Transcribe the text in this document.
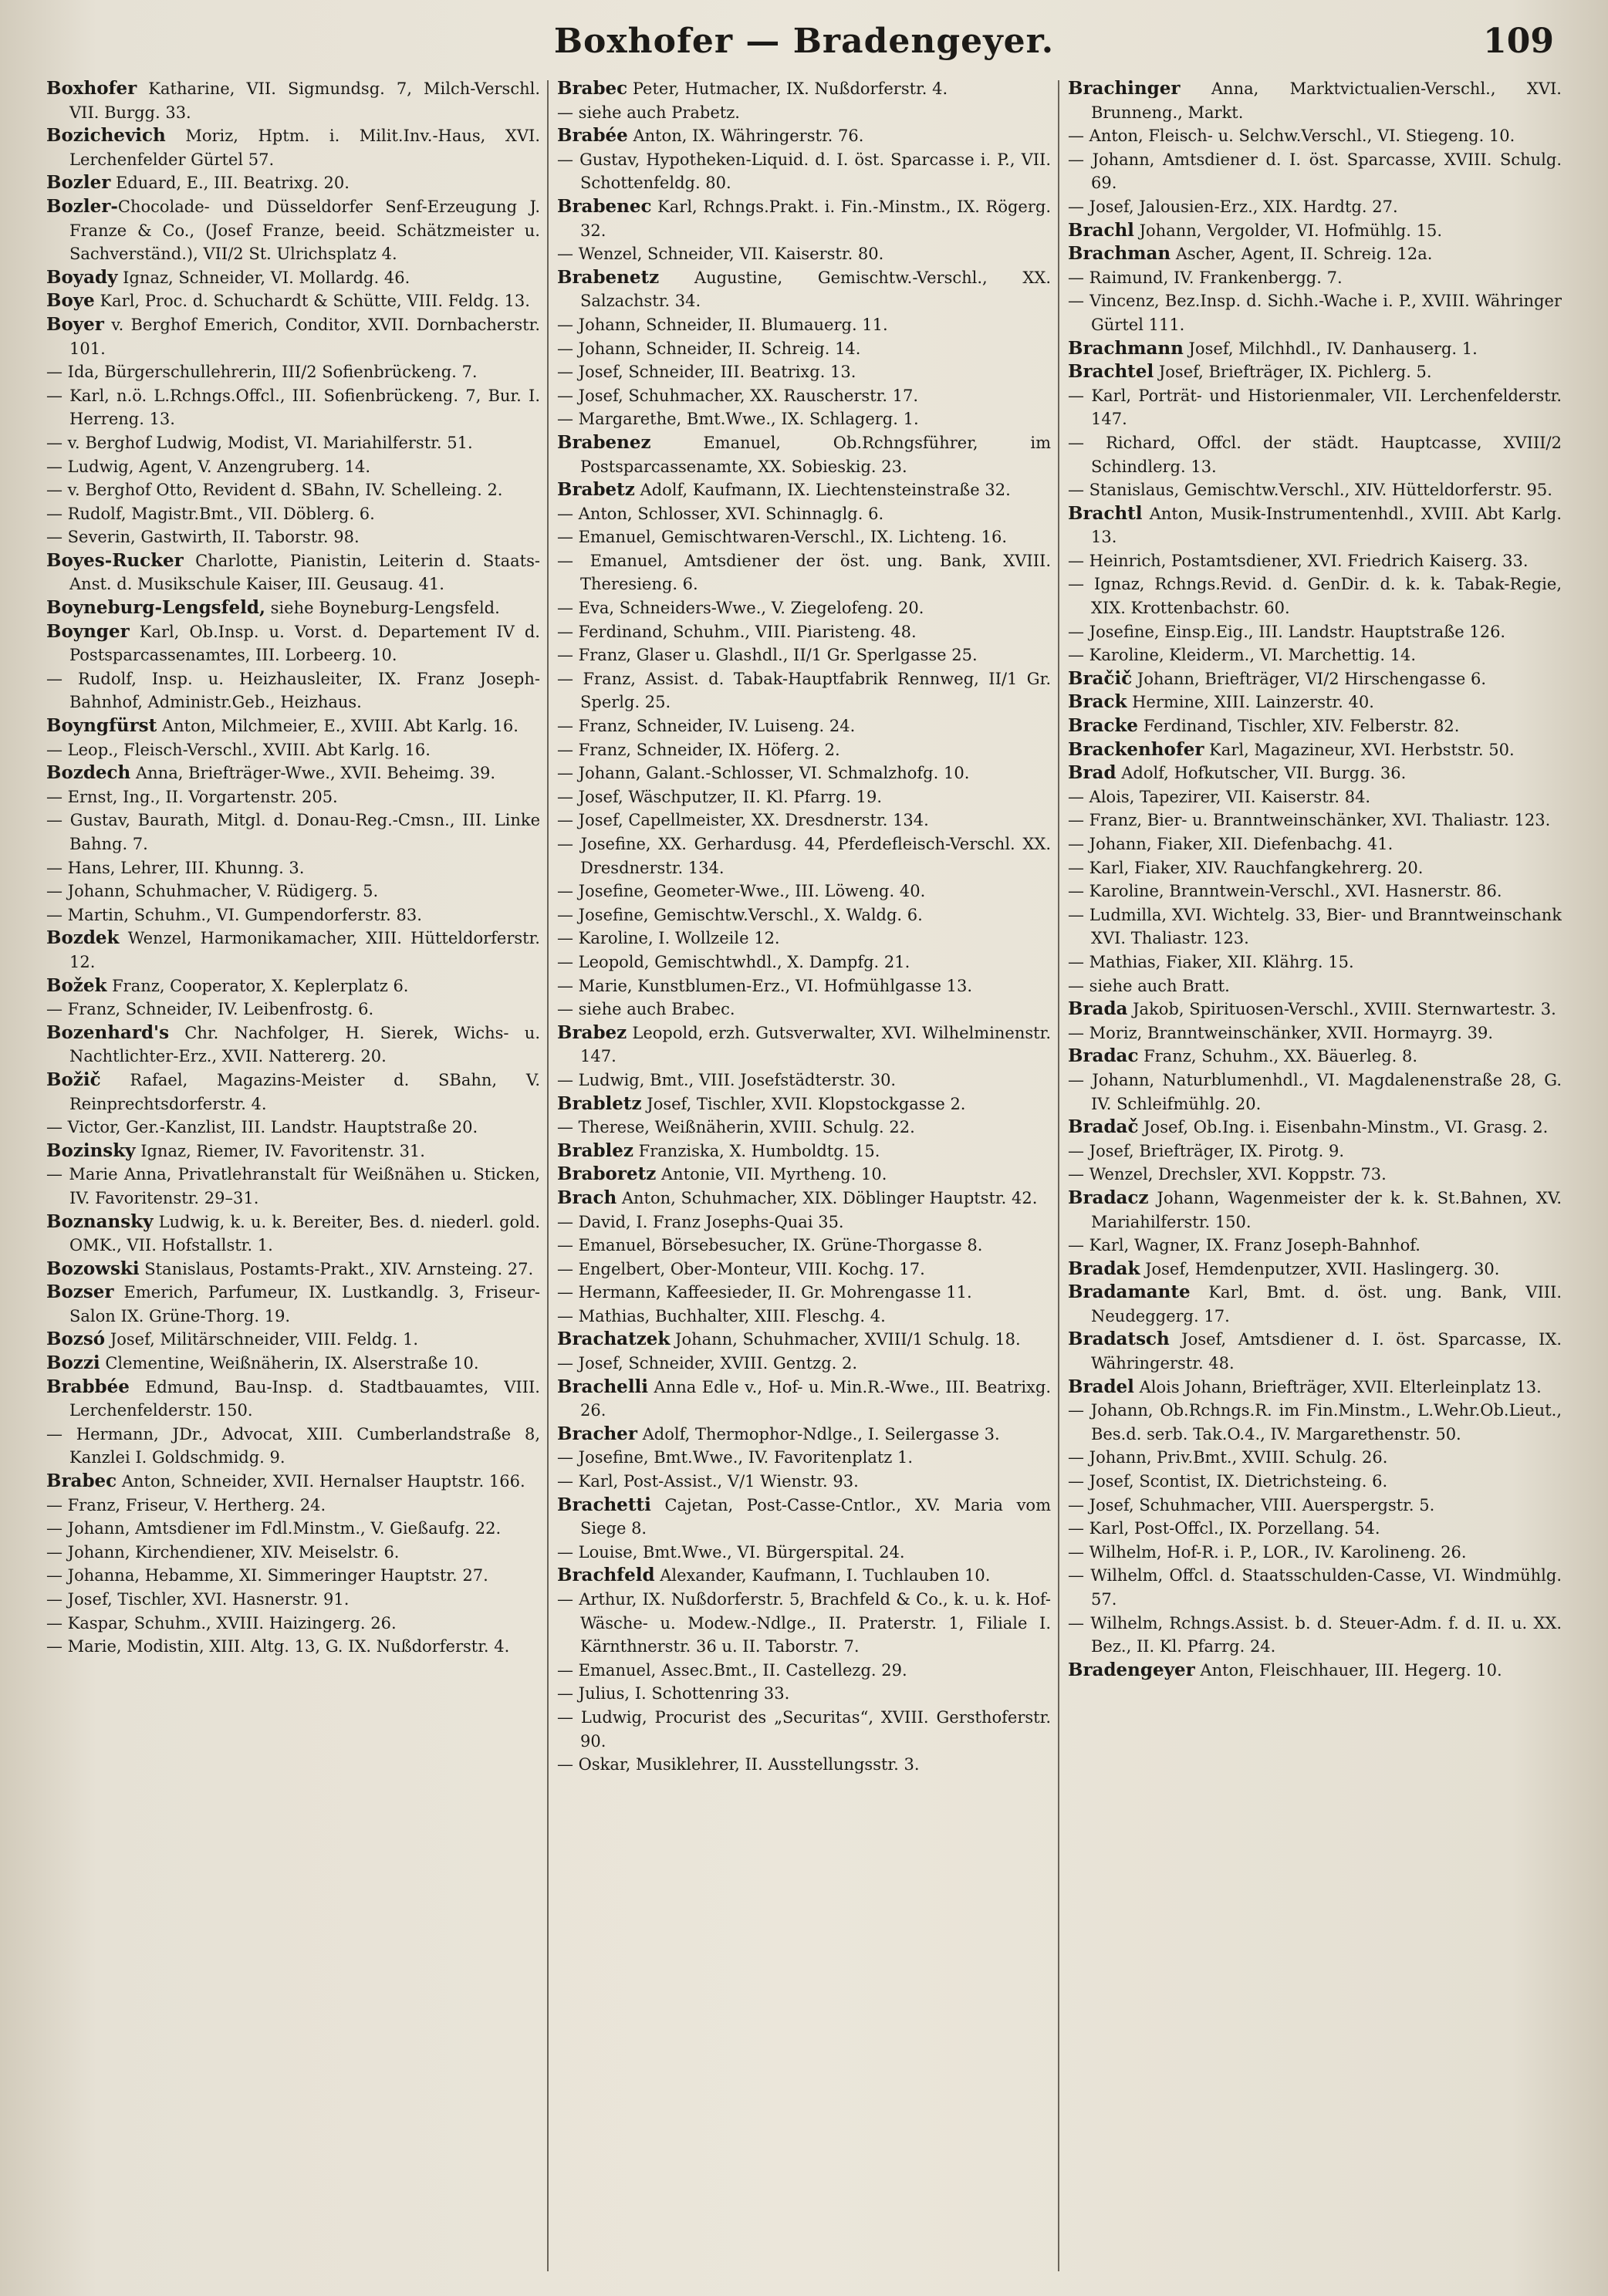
Boxhofer — Bradengeyer.	109

Boxhofer Katharine, VII. Sigmundsg. 7, Milch-Verschl. VII. Burgg. 33.

Bozichevich Moriz, Hptm. i. Milit.Inv.-Haus, XVI. Lerchenfelder Gürtel 57.

Bozler Eduard, E., III. Beatrixg. 20.

Bozler-Chocolade- und Düsseldorfer Senf-Erzeugung J. Franze & Co., (Josef Franze, beeid. Schätzmeister u. Sachverständ.), VII/2 St. Ulrichsplatz 4.

Boyady Ignaz, Schneider, VI. Mollardg. 46.

Boye Karl, Proc. d. Schuchardt & Schütte, VIII. Feldg. 13.

Boyer v. Berghof Emerich, Conditor, XVII. Dornbacherstr. 101.

— Ida, Bürgerschullehrerin, III/2 Sofienbrückeng. 7.

— Karl, n.ö. L.Rchngs.Offcl., III. Sofienbrückeng. 7, Bur. I. Herreng. 13.

— v. Berghof Ludwig, Modist, VI. Mariahilferstr. 51.

— Ludwig, Agent, V. Anzengruberg. 14.

— v. Berghof Otto, Revident d. SBahn, IV. Schelleing. 2.

— Rudolf, Magistr.Bmt., VII. Döblerg. 6.

— Severin, Gastwirth, II. Taborstr. 98.

Boyes-Rucker Charlotte, Pianistin, Leiterin d. Staats-Anst. d. Musikschule Kaiser, III. Geusaug. 41.

Boyneburg-Lengsfeld, siehe Boyneburg-Lengsfeld.

Boynger Karl, Ob.Insp. u. Vorst. d. Departement IV d. Postsparcassenamtes, III. Lorbeerg. 10.

— Rudolf, Insp. u. Heizhausleiter, IX. Franz Joseph-Bahnhof, Administr.Geb., Heizhaus.

Boyngfürst Anton, Milchmeier, E., XVIII. Abt Karlg. 16.

— Leop., Fleisch-Verschl., XVIII. Abt Karlg. 16.

Bozdech Anna, Briefträger-Wwe., XVII. Beheimg. 39.

— Ernst, Ing., II. Vorgartenstr. 205.

— Gustav, Baurath, Mitgl. d. Donau-Reg.-Cmsn., III. Linke Bahng. 7.

— Hans, Lehrer, III. Khunng. 3.

— Johann, Schuhmacher, V. Rüdigerg. 5.

— Martin, Schuhm., VI. Gumpendorferstr. 83.

Bozdek Wenzel, Harmonikamacher, XIII. Hütteldorferstr. 12.

Božek Franz, Cooperator, X. Keplerplatz 6.

— Franz, Schneider, IV. Leibenfrostg. 6.

Bozenhard's Chr. Nachfolger, H. Sierek, Wichs- u. Nachtlichter-Erz., XVII. Nattererg. 20.

Božič Rafael, Magazins-Meister d. SBahn, V. Reinprechtsdorferstr. 4.

— Victor, Ger.-Kanzlist, III. Landstr. Hauptstraße 20.

Bozinsky Ignaz, Riemer, IV. Favoritenstr. 31.

— Marie Anna, Privatlehranstalt für Weißnähen u. Sticken, IV. Favoritenstr. 29–31.

Boznansky Ludwig, k. u. k. Bereiter, Bes. d. niederl. gold. OMK., VII. Hofstallstr. 1.

Bozowski Stanislaus, Postamts-Prakt., XIV. Arnsteing. 27.

Bozser Emerich, Parfumeur, IX. Lustkandlg. 3, Friseur-Salon IX. Grüne-Thorg. 19.

Bozsó Josef, Militärschneider, VIII. Feldg. 1.

Bozzi Clementine, Weißnäherin, IX. Alserstraße 10.

Brabbée Edmund, Bau-Insp. d. Stadtbauamtes, VIII. Lerchenfelderstr. 150.

— Hermann, JDr., Advocat, XIII. Cumberlandstraße 8, Kanzlei I. Goldschmidg. 9.

Brabec Anton, Schneider, XVII. Hernalser Hauptstr. 166.

— Franz, Friseur, V. Hertherg. 24.

— Johann, Amtsdiener im Fdl.Minstm., V. Gießaufg. 22.

— Johann, Kirchendiener, XIV. Meiselstr. 6.

— Johanna, Hebamme, XI. Simmeringer Hauptstr. 27.

— Josef, Tischler, XVI. Hasnerstr. 91.

— Kaspar, Schuhm., XVIII. Haizingerg. 26.

— Marie, Modistin, XIII. Altg. 13, G. IX. Nußdorferstr. 4.

Brabec Peter, Hutmacher, IX. Nußdorferstr. 4.

— siehe auch Prabetz.

Brabée Anton, IX. Währingerstr. 76.

— Gustav, Hypotheken-Liquid. d. I. öst. Sparcasse i. P., VII. Schottenfeldg. 80.

Brabenec Karl, Rchngs.Prakt. i. Fin.-Minstm., IX. Rögerg. 32.

— Wenzel, Schneider, VII. Kaiserstr. 80.

Brabenetz Augustine, Gemischtw.-Verschl., XX. Salzachstr. 34.

— Johann, Schneider, II. Blumauerg. 11.

— Johann, Schneider, II. Schreig. 14.

— Josef, Schneider, III. Beatrixg. 13.

— Josef, Schuhmacher, XX. Rauscherstr. 17.

— Margarethe, Bmt.Wwe., IX. Schlagerg. 1.

Brabenez Emanuel, Ob.Rchngsführer, im Postsparcassenamte, XX. Sobieskig. 23.

Brabetz Adolf, Kaufmann, IX. Liechtensteinstraße 32.

— Anton, Schlosser, XVI. Schinnaglg. 6.

— Emanuel, Gemischtwaren-Verschl., IX. Lichteng. 16.

— Emanuel, Amtsdiener der öst. ung. Bank, XVIII. Theresieng. 6.

— Eva, Schneiders-Wwe., V. Ziegelofeng. 20.

— Ferdinand, Schuhm., VIII. Piaristeng. 48.

— Franz, Glaser u. Glashdl., II/1 Gr. Sperlgasse 25.

— Franz, Assist. d. Tabak-Hauptfabrik Rennweg, II/1 Gr. Sperlg. 25.

— Franz, Schneider, IV. Luiseng. 24.

— Franz, Schneider, IX. Höferg. 2.

— Johann, Galant.-Schlosser, VI. Schmalzhofg. 10.

— Josef, Wäschputzer, II. Kl. Pfarrg. 19.

— Josef, Capellmeister, XX. Dresdnerstr. 134.

— Josefine, XX. Gerhardusg. 44, Pferdefleisch-Verschl. XX. Dresdnerstr. 134.

— Josefine, Geometer-Wwe., III. Löweng. 40.

— Josefine, Gemischtw.Verschl., X. Waldg. 6.

— Karoline, I. Wollzeile 12.

— Leopold, Gemischtwhdl., X. Dampfg. 21.

— Marie, Kunstblumen-Erz., VI. Hofmühlgasse 13.

— siehe auch Brabec.

Brabez Leopold, erzh. Gutsverwalter, XVI. Wilhelminenstr. 147.

— Ludwig, Bmt., VIII. Josefstädterstr. 30.

Brabletz Josef, Tischler, XVII. Klopstockgasse 2.

— Therese, Weißnäherin, XVIII. Schulg. 22.

Brablez Franziska, X. Humboldtg. 15.

Braboretz Antonie, VII. Myrtheng. 10.

Brach Anton, Schuhmacher, XIX. Döblinger Hauptstr. 42.

— David, I. Franz Josephs-Quai 35.

— Emanuel, Börsebesucher, IX. Grüne-Thorgasse 8.

— Engelbert, Ober-Monteur, VIII. Kochg. 17.

— Hermann, Kaffeesieder, II. Gr. Mohrengasse 11.

— Mathias, Buchhalter, XIII. Fleschg. 4.

Brachatzek Johann, Schuhmacher, XVIII/1 Schulg. 18.

— Josef, Schneider, XVIII. Gentzg. 2.

Brachelli Anna Edle v., Hof- u. Min.R.-Wwe., III. Beatrixg. 26.

Bracher Adolf, Thermophor-Ndlge., I. Seilergasse 3.

— Josefine, Bmt.Wwe., IV. Favoritenplatz 1.

— Karl, Post-Assist., V/1 Wienstr. 93.

Brachetti Cajetan, Post-Casse-Cntlor., XV. Maria vom Siege 8.

— Louise, Bmt.Wwe., VI. Bürgerspital. 24.

Brachfeld Alexander, Kaufmann, I. Tuchlauben 10.

— Arthur, IX. Nußdorferstr. 5, Brachfeld & Co., k. u. k. Hof-Wäsche- u. Modew.-Ndlge., II. Praterstr. 1, Filiale I. Kärnthnerstr. 36 u. II. Taborstr. 7.

— Emanuel, Assec.Bmt., II. Castellezg. 29.

— Julius, I. Schottenring 33.

— Ludwig, Procurist des „Securitas“, XVIII. Gersthoferstr. 90.

— Oskar, Musiklehrer, II. Ausstellungsstr. 3.

Brachinger Anna, Marktvictualien-Verschl., XVI. Brunneng., Markt.

— Anton, Fleisch- u. Selchw.Verschl., VI. Stiegeng. 10.

— Johann, Amtsdiener d. I. öst. Sparcasse, XVIII. Schulg. 69.

— Josef, Jalousien-Erz., XIX. Hardtg. 27.

Brachl Johann, Vergolder, VI. Hofmühlg. 15.

Brachman Ascher, Agent, II. Schreig. 12a.

— Raimund, IV. Frankenbergg. 7.

— Vincenz, Bez.Insp. d. Sichh.-Wache i. P., XVIII. Währinger Gürtel 111.

Brachmann Josef, Milchhdl., IV. Danhauserg. 1.

Brachtel Josef, Briefträger, IX. Pichlerg. 5.

— Karl, Porträt- und Historienmaler, VII. Lerchenfelderstr. 147.

— Richard, Offcl. der städt. Hauptcasse, XVIII/2 Schindlerg. 13.

— Stanislaus, Gemischtw.Verschl., XIV. Hütteldorferstr. 95.

Brachtl Anton, Musik-Instrumentenhdl., XVIII. Abt Karlg. 13.

— Heinrich, Postamtsdiener, XVI. Friedrich Kaiserg. 33.

— Ignaz, Rchngs.Revid. d. GenDir. d. k. k. Tabak-Regie, XIX. Krottenbachstr. 60.

— Josefine, Einsp.Eig., III. Landstr. Hauptstraße 126.

— Karoline, Kleiderm., VI. Marchettig. 14.

Bračič Johann, Briefträger, VI/2 Hirschengasse 6.

Brack Hermine, XIII. Lainzerstr. 40.

Bracke Ferdinand, Tischler, XIV. Felberstr. 82.

Brackenhofer Karl, Magazineur, XVI. Herbststr. 50.

Brad Adolf, Hofkutscher, VII. Burgg. 36.

— Alois, Tapezirer, VII. Kaiserstr. 84.

— Franz, Bier- u. Branntweinschänker, XVI. Thaliastr. 123.

— Johann, Fiaker, XII. Diefenbachg. 41.

— Karl, Fiaker, XIV. Rauchfangkehrerg. 20.

— Karoline, Branntwein-Verschl., XVI. Hasnerstr. 86.

— Ludmilla, XVI. Wichtelg. 33, Bier- und Branntweinschank XVI. Thaliastr. 123.

— Mathias, Fiaker, XII. Klährg. 15.

— siehe auch Bratt.

Brada Jakob, Spirituosen-Verschl., XVIII. Sternwartestr. 3.

— Moriz, Branntweinschänker, XVII. Hormayrg. 39.

Bradac Franz, Schuhm., XX. Bäuerleg. 8.

— Johann, Naturblumenhdl., VI. Magdalenenstraße 28, G. IV. Schleifmühlg. 20.

Bradač Josef, Ob.Ing. i. Eisenbahn-Minstm., VI. Grasg. 2.

— Josef, Briefträger, IX. Pirotg. 9.

— Wenzel, Drechsler, XVI. Koppstr. 73.

Bradacz Johann, Wagenmeister der k. k. St.Bahnen, XV. Mariahilferstr. 150.

— Karl, Wagner, IX. Franz Joseph-Bahnhof.

Bradak Josef, Hemdenputzer, XVII. Haslingerg. 30.

Bradamante Karl, Bmt. d. öst. ung. Bank, VIII. Neudeggerg. 17.

Bradatsch Josef, Amtsdiener d. I. öst. Sparcasse, IX. Währingerstr. 48.

Bradel Alois Johann, Briefträger, XVII. Elterleinplatz 13.

— Johann, Ob.Rchngs.R. im Fin.Minstm., L.Wehr.Ob.Lieut., Bes.d. serb. Tak.O.4., IV. Margarethenstr. 50.

— Johann, Priv.Bmt., XVIII. Schulg. 26.

— Josef, Scontist, IX. Dietrichsteing. 6.

— Josef, Schuhmacher, VIII. Auerspergstr. 5.

— Karl, Post-Offcl., IX. Porzellang. 54.

— Wilhelm, Hof-R. i. P., LOR., IV. Karolineng. 26.

— Wilhelm, Offcl. d. Staatsschulden-Casse, VI. Windmühlg. 57.

— Wilhelm, Rchngs.Assist. b. d. Steuer-Adm. f. d. II. u. XX. Bez., II. Kl. Pfarrg. 24.

Bradengeyer Anton, Fleischhauer, III. Hegerg. 10.
